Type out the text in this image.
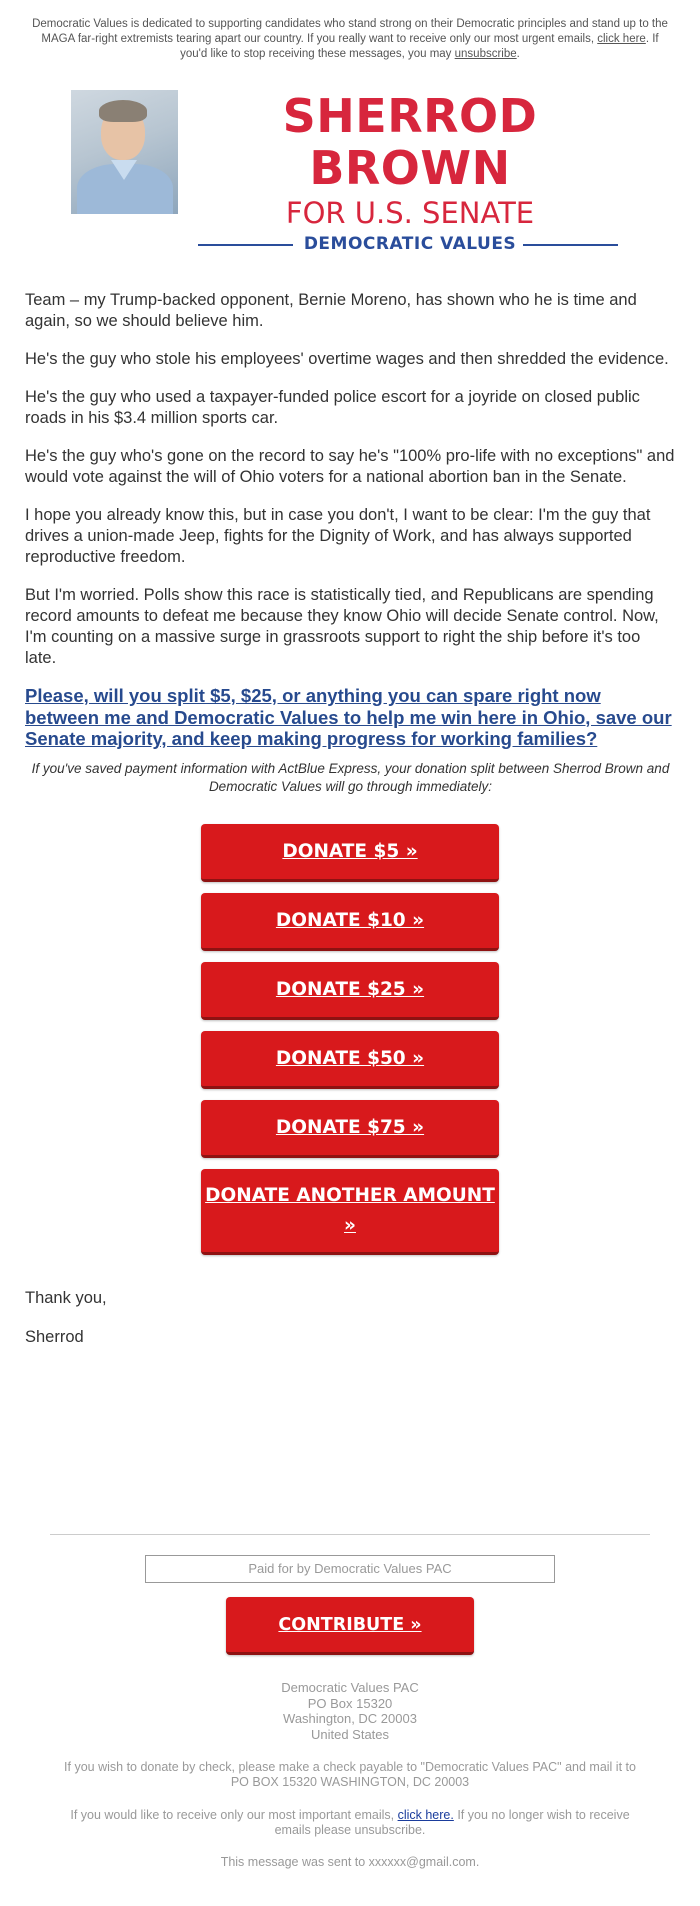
Democratic Values is dedicated to supporting candidates who stand strong on their Democratic principles and stand up to the MAGA far-right extremists tearing apart our country. If you really want to receive only our most urgent emails, click here. If you'd like to stop receiving these messages, you may unsubscribe.
SHERROD BROWN
FOR U.S. SENATE
DEMOCRATIC VALUES

Team – my Trump-backed opponent, Bernie Moreno, has shown who he is time and again, so we should believe him.

He's the guy who stole his employees' overtime wages and then shredded the evidence.

He's the guy who used a taxpayer-funded police escort for a joyride on closed public roads in his $3.4 million sports car.

He's the guy who's gone on the record to say he's "100% pro-life with no exceptions" and would vote against the will of Ohio voters for a national abortion ban in the Senate.

I hope you already know this, but in case you don't, I want to be clear: I'm the guy that drives a union-made Jeep, fights for the Dignity of Work, and has always supported reproductive freedom.

But I'm worried. Polls show this race is statistically tied, and Republicans are spending record amounts to defeat me because they know Ohio will decide Senate control. Now, I'm counting on a massive surge in grassroots support to right the ship before it's too late.

Please, will you split $5, $25, or anything you can spare right now between me and Democratic Values to help me win here in Ohio, save our Senate majority, and keep making progress for working families?
If you've saved payment information with ActBlue Express, your donation split between Sherrod Brown and Democratic Values will go through immediately:
DONATE $5 »
DONATE $10 »
DONATE $25 »
DONATE $50 »
DONATE $75 »
DONATE ANOTHER AMOUNT
»
Thank you,
Sherrod
Paid for by Democratic Values PAC
CONTRIBUTE »
Democratic Values PAC
PO Box 15320
Washington, DC 20003
United States
If you wish to donate by check, please make a check payable to "Democratic Values PAC" and mail it to PO BOX 15320 WASHINGTON, DC 20003
If you would like to receive only our most important emails, click here. If you no longer wish to receive emails please unsubscribe.
This message was sent to xxxxxx@gmail.com.
